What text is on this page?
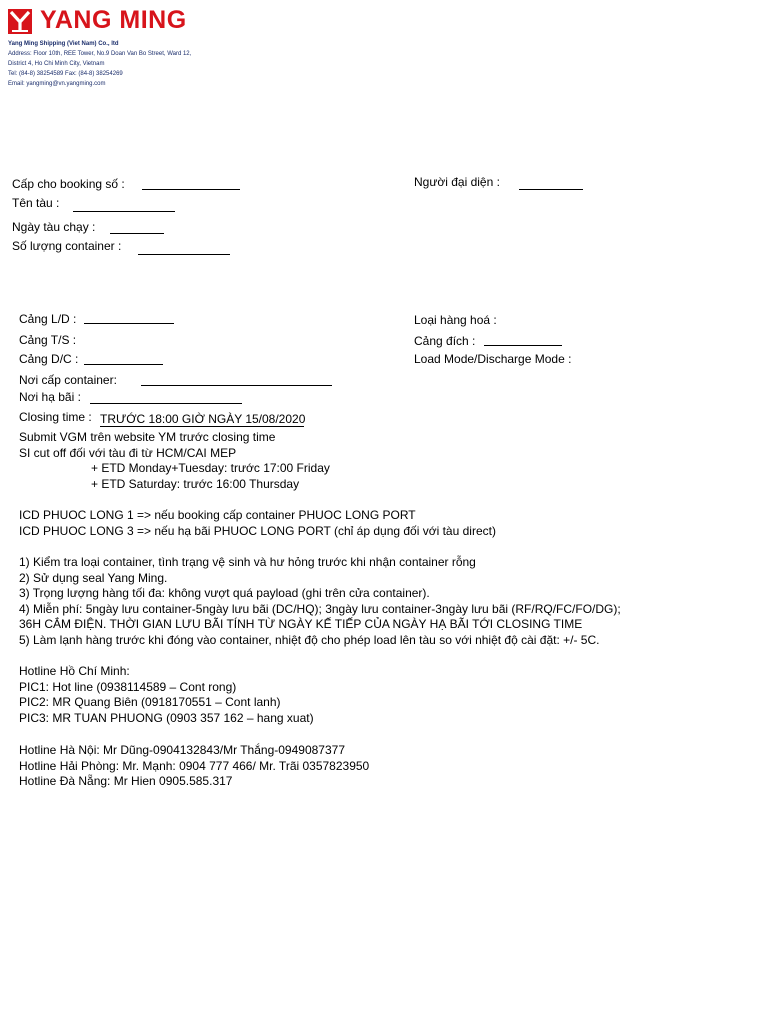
YANG MING
Yang Ming Shipping (Viet Nam) Co., ltd
Address: Floor 10th, REE Tower, No.9 Doan Van Bo Street, Ward 12,
District 4, Ho Chi Minh City, Vietnam
Tel: (84-8) 38254589 Fax: (84-8) 38254269
Email: yangming@vn.yangming.com
Cấp cho booking số :	Người đại diện :
Tên tàu :
Ngày tàu chạy :
Số lượng container :
Cảng L/D :	Loại hàng hoá :
Cảng T/S :	Cảng đích :
Cảng D/C :	Load Mode/Discharge Mode :
Nơi cấp container:
Nơi hạ bãi :
Closing time : TRƯỚC 18:00 GIỜ NGÀY 15/08/2020
Submit VGM trên website YM trước closing time
SI cut off đối với tàu đi từ HCM/CAI MEP
+ ETD Monday+Tuesday: trước 17:00 Friday
+ ETD Saturday: trước 16:00 Thursday
ICD PHUOC LONG 1 => nếu booking cấp container PHUOC LONG PORT
ICD PHUOC LONG 3 => nếu hạ bãi PHUOC LONG PORT (chỉ áp dụng đối với tàu direct)
1) Kiểm tra loại container, tình trạng vệ sinh và hư hỏng trước khi nhận container rỗng
2) Sử dụng seal Yang Ming.
3) Trọng lượng hàng tối đa: không vượt quá payload (ghi trên cửa container).
4) Miễn phí: 5ngày lưu container-5ngày lưu bãi (DC/HQ); 3ngày lưu container-3ngày lưu bãi (RF/RQ/FC/FO/DG);
36H CẮM ĐIỆN. THỜI GIAN LƯU BÃI TÍNH TỪ NGÀY KẾ TIẾP CỦA NGÀY HẠ BÃI TỚI CLOSING TIME
5) Làm lạnh hàng trước khi đóng vào container, nhiệt độ cho phép load lên tàu so với nhiệt độ cài đặt: +/- 5C.
Hotline Hồ Chí Minh:
PIC1: Hot line (0938114589 – Cont rong)
PIC2: MR Quang Biên (0918170551 – Cont lanh)
PIC3: MR TUAN PHUONG (0903 357 162 – hang xuat)
Hotline Hà Nội: Mr Dũng-0904132843/Mr Thắng-0949087377
Hotline Hải Phòng: Mr. Mạnh: 0904 777 466/ Mr. Trãi 0357823950
Hotline Đà Nẵng: Mr Hien 0905.585.317
